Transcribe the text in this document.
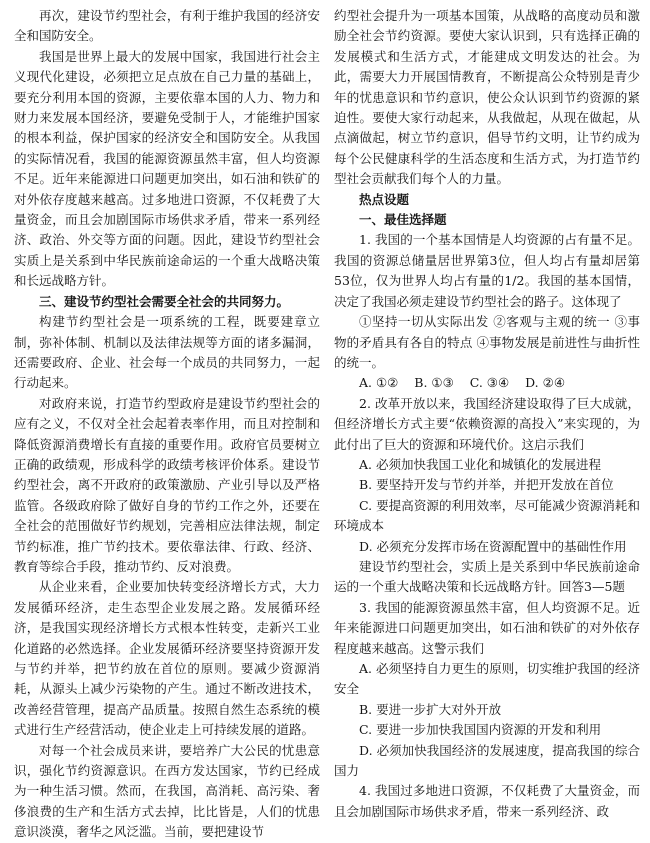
再次，建设节约型社会，有利于维护我国的经济安全和国防安全。

我国是世界上最大的发展中国家，我国进行社会主义现代化建设，必须把立足点放在自己力量的基础上，要充分利用本国的资源，主要依靠本国的人力、物力和财力来发展本国经济，要避免受制于人，才能维护国家的根本利益，保护国家的经济安全和国防安全。从我国的实际情况看，我国的能源资源虽然丰富，但人均资源不足。近年来能源进口问题更加突出，如石油和铁矿的对外依存度越来越高。过多地进口资源，不仅耗费了大量资金，而且会加剧国际市场供求矛盾，带来一系列经济、政治、外交等方面的问题。因此，建设节约型社会实质上是关系到中华民族前途命运的一个重大战略决策和长远战略方针。

三、建设节约型社会需要全社会的共同努力。

构建节约型社会是一项系统的工程，既要建章立制，弥补体制、机制以及法律法规等方面的诸多漏洞，还需要政府、企业、社会每一个成员的共同努力，一起行动起来。

对政府来说，打造节约型政府是建设节约型社会的应有之义，不仅对全社会起着表率作用，而且对控制和降低资源消费增长有直接的重要作用。政府官员要树立正确的政绩观，形成科学的政绩考核评价体系。建设节约型社会，离不开政府的政策激励、产业引导以及严格监管。各级政府除了做好自身的节约工作之外，还要在全社会的范围做好节约规划，完善相应法律法规，制定节约标准，推广节约技术。要依靠法律、行政、经济、教育等综合手段，推动节约、反对浪费。

从企业来看，企业要加快转变经济增长方式，大力发展循环经济，走生态型企业发展之路。发展循环经济，是我国实现经济增长方式根本性转变，走新兴工业化道路的必然选择。企业发展循环经济要坚持资源开发与节约并举，把节约放在首位的原则。要减少资源消耗，从源头上减少污染物的产生。通过不断改进技术，改善经营管理，提高产品质量。按照自然生态系统的模式进行生产经营活动，使企业走上可持续发展的道路。

对每一个社会成员来讲，要培养广大公民的忧患意识，强化节约资源意识。在西方发达国家，节约已经成为一种生活习惯。然而，在我国，高消耗、高污染、奢侈浪费的生产和生活方式去掉，比比皆是，人们的忧患意识淡漠，奢华之风泛滥。当前，要把建设节

约型社会提升为一项基本国策，从战略的高度动员和激励全社会节约资源。要使大家认识到，只有选择正确的发展模式和生活方式，才能建成文明发达的社会。为此，需要大力开展国情教育，不断提高公众特别是青少年的忧患意识和节约意识，使公众认识到节约资源的紧迫性。要使大家行动起来，从我做起，从现在做起，从点滴做起，树立节约意识，倡导节约文明，让节约成为每个公民健康科学的生活态度和生活方式，为打造节约型社会贡献我们每个人的力量。

热点设题
一、最佳选择题

1. 我国的一个基本国情是人均资源的占有量不足。我国的资源总储量居世界第3位，但人均占有量却居第53位，仅为世界人均占有量的1/2。我国的基本国情，决定了我国必须走建设节约型社会的路子。这体现了

①坚持一切从实际出发 ②客观与主观的统一 ③事物的矛盾具有各自的特点 ④事物发展是前进性与曲折性的统一。

A. ①②    B. ①③    C. ③④    D. ②④

2. 改革开放以来，我国经济建设取得了巨大成就，但经济增长方式主要“依赖资源的高投入”来实现的，为此付出了巨大的资源和环境代价。这启示我们

A. 必须加快我国工业化和城镇化的发展进程

B. 要坚持开发与节约并举，并把开发放在首位

C. 要提高资源的利用效率，尽可能减少资源消耗和环境成本

D. 必须充分发挥市场在资源配置中的基础性作用

建设节约型社会，实质上是关系到中华民族前途命运的一个重大战略决策和长远战略方针。回答3—5题

3. 我国的能源资源虽然丰富，但人均资源不足。近年来能源进口问题更加突出，如石油和铁矿的对外依存程度越来越高。这警示我们

A. 必须坚持自力更生的原则，切实维护我国的经济安全

B. 要进一步扩大对外开放

C. 要进一步加快我国国内资源的开发和利用

D. 必须加快我国经济的发展速度，提高我国的综合国力

4. 我国过多地进口资源，不仅耗费了大量资金，而且会加剧国际市场供求矛盾，带来一系列经济、政
